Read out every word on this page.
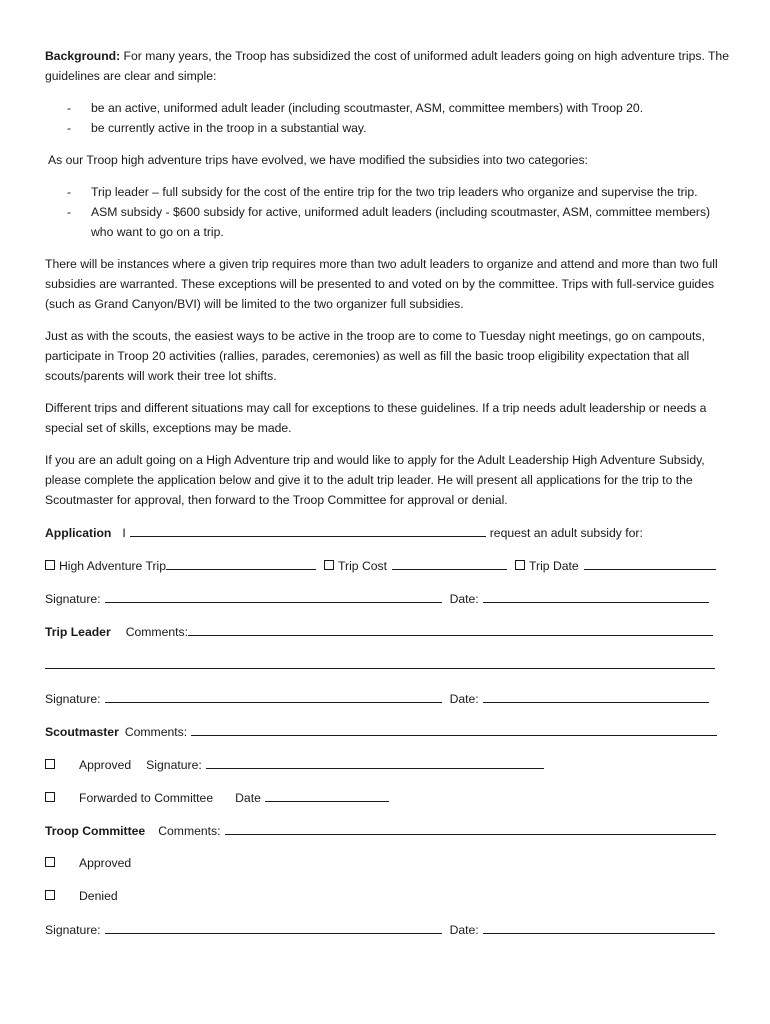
Background: For many years, the Troop has subsidized the cost of uniformed adult leaders going on high adventure trips. The guidelines are clear and simple:

- be an active, uniformed adult leader (including scoutmaster, ASM, committee members) with Troop 20.
- be currently active in the troop in a substantial way.

As our Troop high adventure trips have evolved, we have modified the subsidies into two categories:

- Trip leader – full subsidy for the cost of the entire trip for the two trip leaders who organize and supervise the trip.
- ASM subsidy - $600 subsidy for active, uniformed adult leaders (including scoutmaster, ASM, committee members) who want to go on a trip.

There will be instances where a given trip requires more than two adult leaders to organize and attend and more than two full subsidies are warranted. These exceptions will be presented to and voted on by the committee. Trips with full-service guides (such as Grand Canyon/BVI) will be limited to the two organizer full subsidies.

Just as with the scouts, the easiest ways to be active in the troop are to come to Tuesday night meetings, go on campouts, participate in Troop 20 activities (rallies, parades, ceremonies) as well as fill the basic troop eligibility expectation that all scouts/parents will work their tree lot shifts.

Different trips and different situations may call for exceptions to these guidelines. If a trip needs adult leadership or needs a special set of skills, exceptions may be made.

If you are an adult going on a High Adventure trip and would like to apply for the Adult Leadership High Adventure Subsidy, please complete the application below and give it to the adult trip leader. He will present all applications for the trip to the Scoutmaster for approval, then forward to the Troop Committee for approval or denial.

Application I	request an adult subsidy for:
High Adventure Trip	Trip Cost	Trip Date
Signature:	Date:
Trip Leader Comments:
Signature:	Date:
Scoutmaster Comments:
Approved Signature:
Forwarded to Committee Date
Troop Committee Comments:
Approved
Denied
Signature:	Date:
